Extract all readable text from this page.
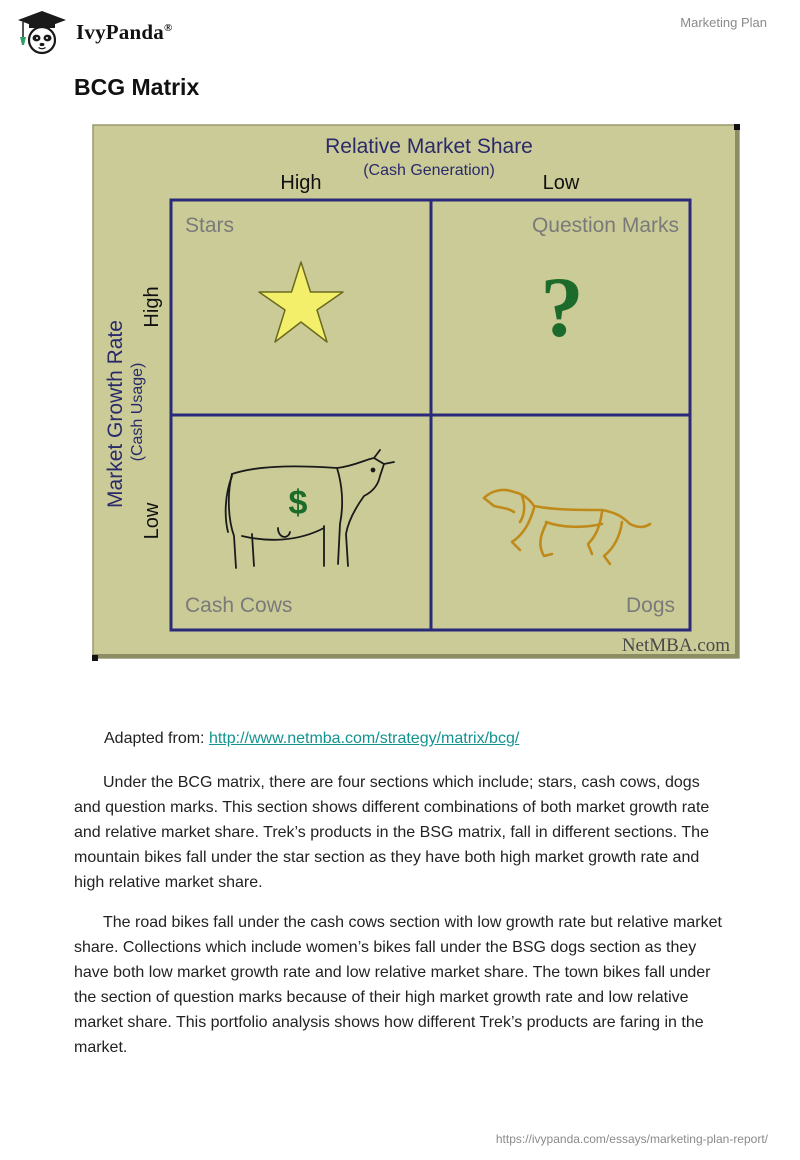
IvyPanda®	Marketing Plan
BCG Matrix
Relative Market Share
(Cash Generation)
High	Low
Market Growth Rate (Cash Usage)
High
Low
Stars	Question Marks
Cash Cows	Dogs
?
$
NetMBA.com
Adapted from: http://www.netmba.com/strategy/matrix/bcg/

Under the BCG matrix, there are four sections which include; stars, cash cows, dogs and question marks. This section shows different combinations of both market growth rate and relative market share. Trek’s products in the BSG matrix, fall in different sections. The mountain bikes fall under the star section as they have both high market growth rate and high relative market share.

The road bikes fall under the cash cows section with low growth rate but relative market share. Collections which include women’s bikes fall under the BSG dogs section as they have both low market growth rate and low relative market share. The town bikes fall under the section of question marks because of their high market growth rate and low relative market share. This portfolio analysis shows how different Trek’s products are faring in the market.

https://ivypanda.com/essays/marketing-plan-report/
